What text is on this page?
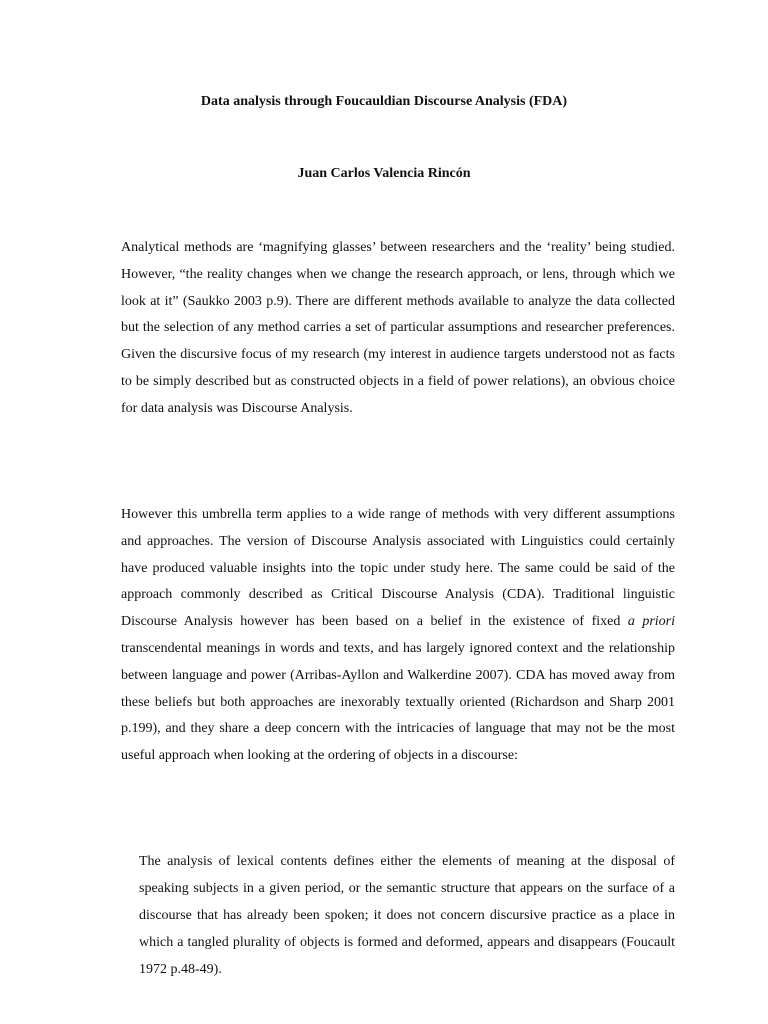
Data analysis through Foucauldian Discourse Analysis (FDA)
Juan Carlos Valencia Rincón

Analytical methods are ‘magnifying glasses’ between researchers and the ‘reality’ being studied. However, “the reality changes when we change the research approach, or lens, through which we look at it” (Saukko 2003 p.9). There are different methods available to analyze the data collected but the selection of any method carries a set of particular assumptions and researcher preferences. Given the discursive focus of my research (my interest in audience targets understood not as facts to be simply described but as constructed objects in a field of power relations), an obvious choice for data analysis was Discourse Analysis.

However this umbrella term applies to a wide range of methods with very different assumptions and approaches. The version of Discourse Analysis associated with Linguistics could certainly have produced valuable insights into the topic under study here. The same could be said of the approach commonly described as Critical Discourse Analysis (CDA). Traditional linguistic Discourse Analysis however has been based on a belief in the existence of fixed a priori transcendental meanings in words and texts, and has largely ignored context and the relationship between language and power (Arribas-Ayllon and Walkerdine 2007). CDA has moved away from these beliefs but both approaches are inexorably textually oriented (Richardson and Sharp 2001 p.199), and they share a deep concern with the intricacies of language that may not be the most useful approach when looking at the ordering of objects in a discourse:

The analysis of lexical contents defines either the elements of meaning at the disposal of speaking subjects in a given period, or the semantic structure that appears on the surface of a discourse that has already been spoken; it does not concern discursive practice as a place in which a tangled plurality of objects is formed and deformed, appears and disappears (Foucault 1972 p.48-49).
